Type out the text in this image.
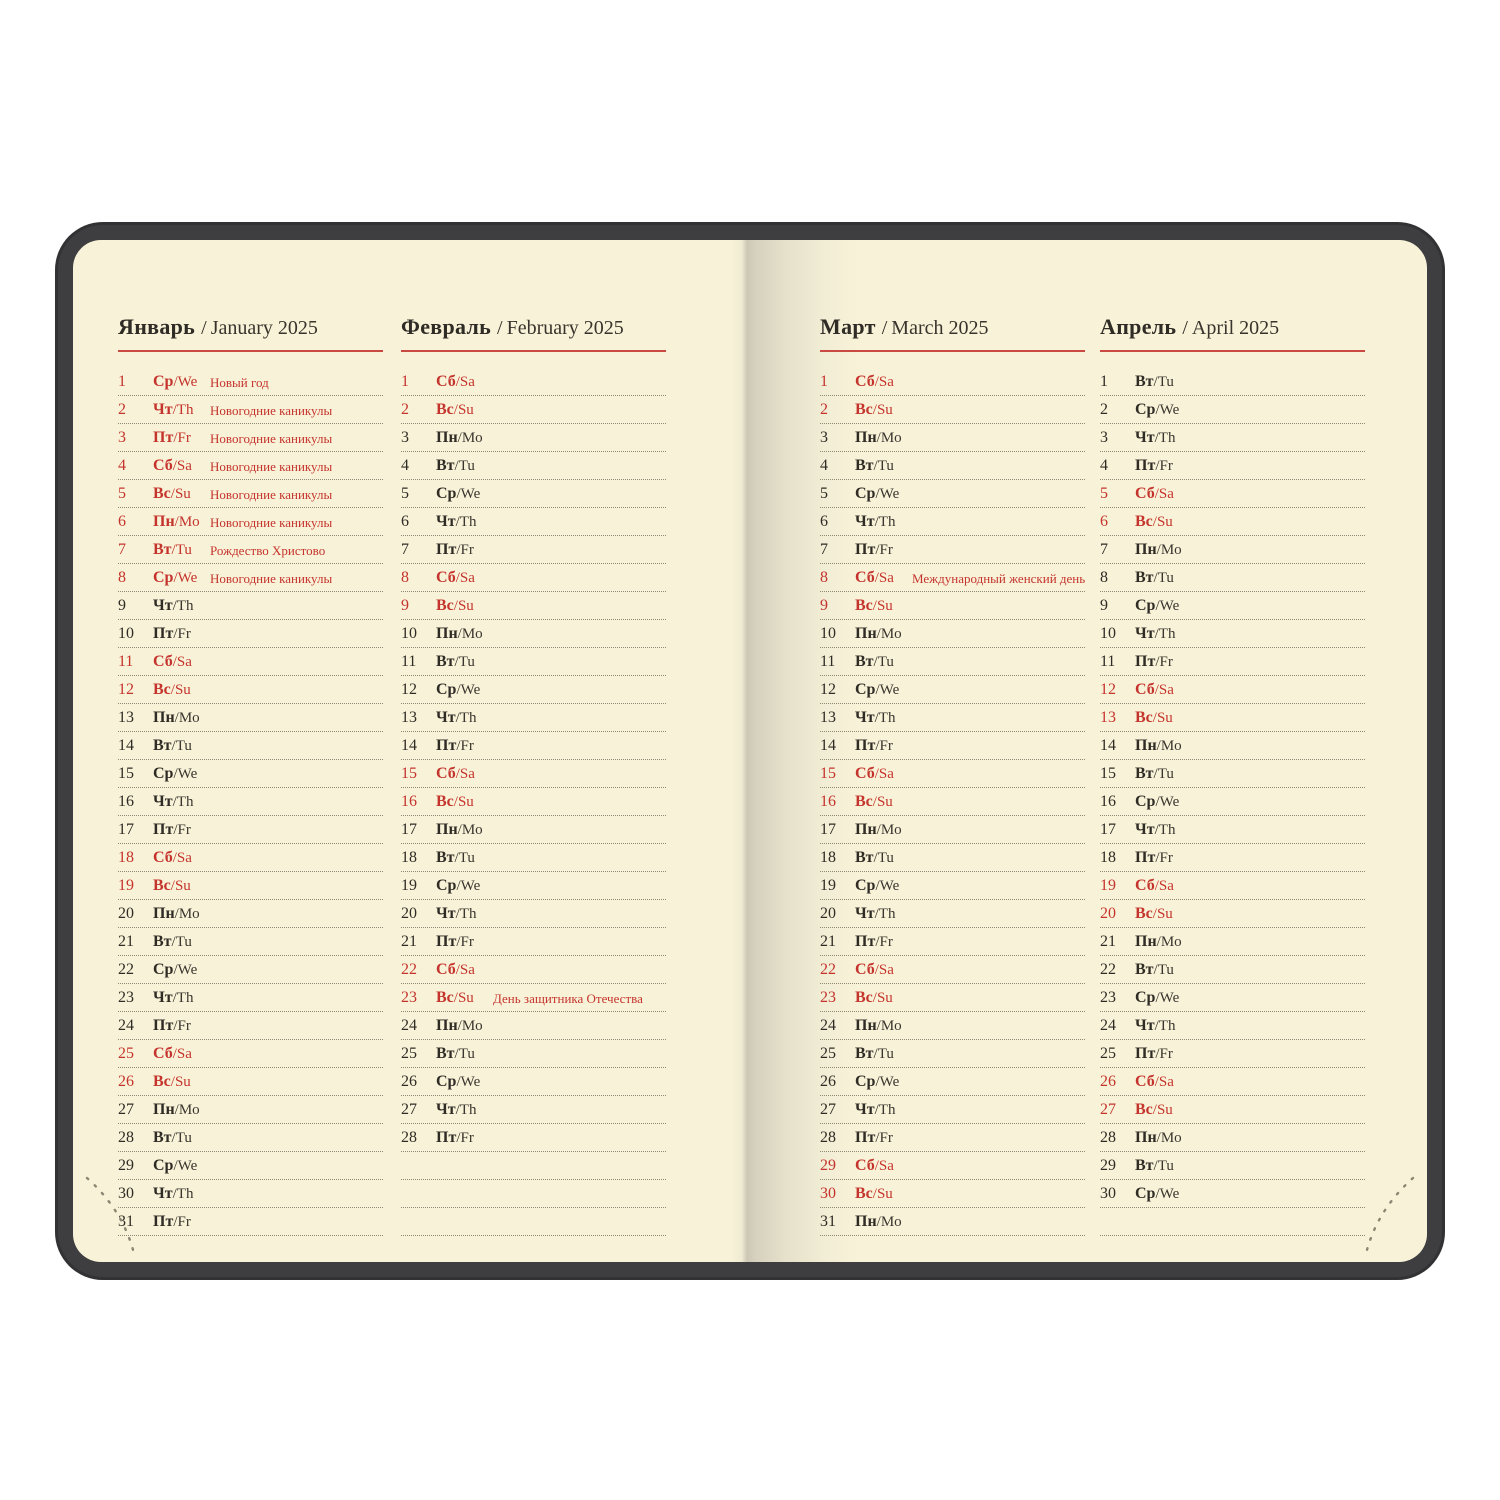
Январь / January 2025
1	Ср/We Новый год
2	Чт/Th	Новогодние каникулы
3	Пт/Fr	Новогодние каникулы
4	Сб/Sa	Новогодние каникулы
5	Вс/Su	Новогодние каникулы
6	Пн/Mo Новогодние каникулы
7	Вт/Tu	Рождество Христово
8	Ср/We Новогодние каникулы
9	Чт/Th
10	Пт/Fr
11	Сб/Sa
12	Вс/Su
13	Пн/Mo
14	Вт/Tu
15	Ср/We
16	Чт/Th
17	Пт/Fr
18	Сб/Sa
19	Вс/Su
20	Пн/Mo
21	Вт/Tu
22	Ср/We
23	Чт/Th
24	Пт/Fr
25	Сб/Sa
26	Вс/Su
27	Пн/Mo
28	Вт/Tu
29	Ср/We
30	Чт/Th
31	Пт/Fr
Февраль / February 2025
1	Сб/Sa
2	Вс/Su
3	Пн/Mo
4	Вт/Tu
5	Ср/We
6	Чт/Th
7	Пт/Fr
8	Сб/Sa
9	Вс/Su
10	Пн/Mo
11	Вт/Tu
12	Ср/We
13	Чт/Th
14	Пт/Fr
15	Сб/Sa
16	Вс/Su
17	Пн/Mo
18	Вт/Tu
19	Ср/We
20	Чт/Th
21	Пт/Fr
22	Сб/Sa
23	Вс/Su	День защитника Отечества
24	Пн/Mo
25	Вт/Tu
26	Ср/We
27	Чт/Th
28	Пт/Fr
Март / March 2025
1	Сб/Sa
2	Вс/Su
3	Пн/Mo
4	Вт/Tu
5	Ср/We
6	Чт/Th
7	Пт/Fr
8	Сб/Sa	Международный женский день
9	Вс/Su
10	Пн/Mo
11	Вт/Tu
12	Ср/We
13	Чт/Th
14	Пт/Fr
15	Сб/Sa
16	Вс/Su
17	Пн/Mo
18	Вт/Tu
19	Ср/We
20	Чт/Th
21	Пт/Fr
22	Сб/Sa
23	Вс/Su
24	Пн/Mo
25	Вт/Tu
26	Ср/We
27	Чт/Th
28	Пт/Fr
29	Сб/Sa
30	Вс/Su
31	Пн/Mo
Апрель / April 2025
1	Вт/Tu
2	Ср/We
3	Чт/Th
4	Пт/Fr
5	Сб/Sa
6	Вс/Su
7	Пн/Mo
8	Вт/Tu
9	Ср/We
10	Чт/Th
11	Пт/Fr
12	Сб/Sa
13	Вс/Su
14	Пн/Mo
15	Вт/Tu
16	Ср/We
17	Чт/Th
18	Пт/Fr
19	Сб/Sa
20	Вс/Su
21	Пн/Mo
22	Вт/Tu
23	Ср/We
24	Чт/Th
25	Пт/Fr
26	Сб/Sa
27	Вс/Su
28	Пн/Mo
29	Вт/Tu
30	Ср/We
